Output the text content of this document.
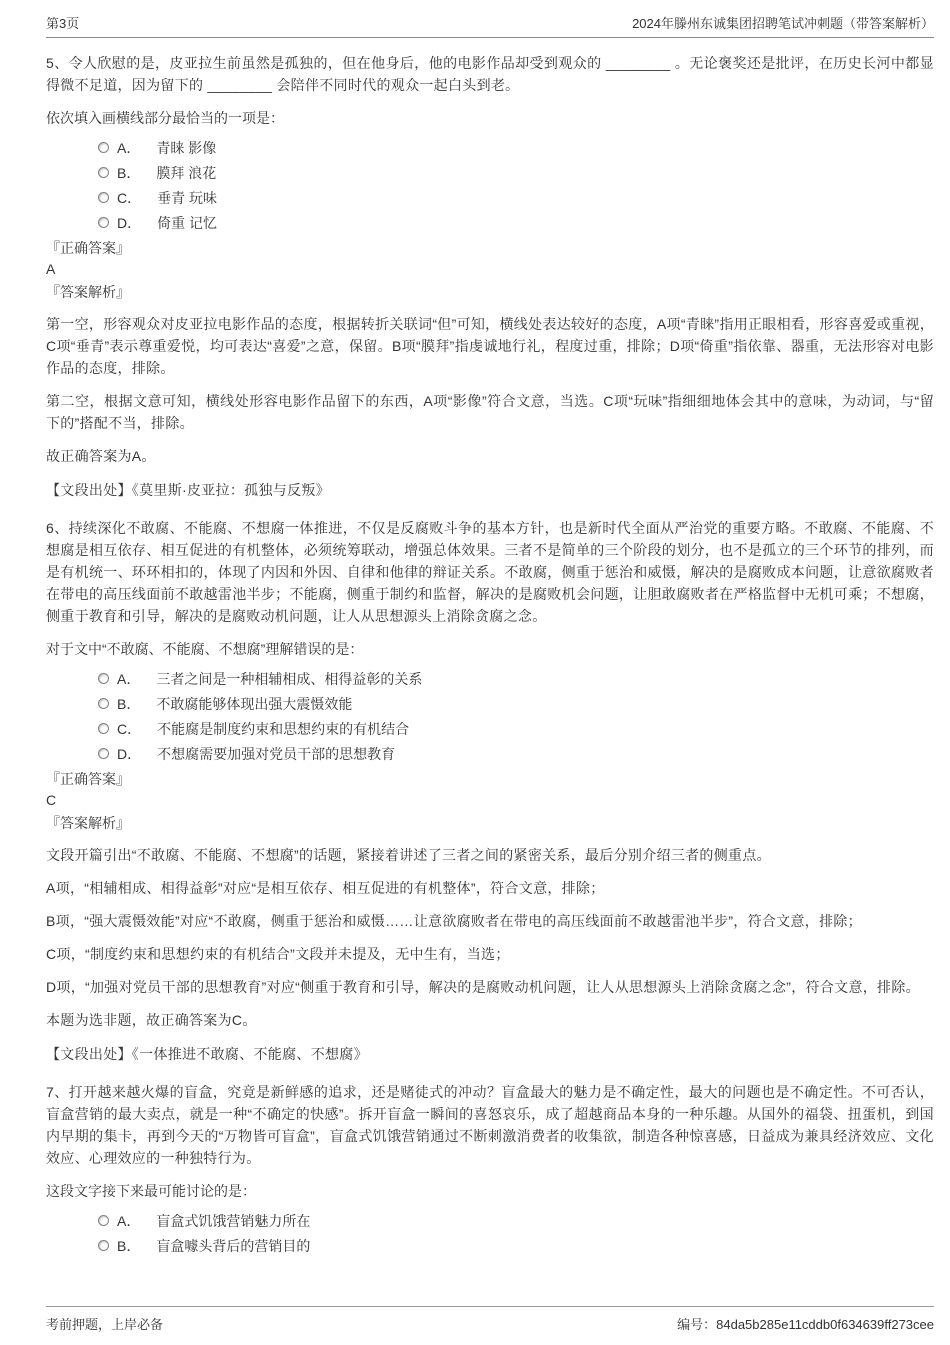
第3页	2024年滕州东诚集团招聘笔试冲刺题（带答案解析）

5、令人欣慰的是，皮亚拉生前虽然是孤独的，但在他身后，他的电影作品却受到观众的 ________ 。无论褒奖还是批评，在历史长河中都显得微不足道，因为留下的 ________ 会陪伴不同时代的观众一起白头到老。

依次填入画横线部分最恰当的一项是：

A． 青睐 影像
B． 膜拜 浪花
C． 垂青 玩味
D． 倚重 记忆

『正确答案』

A

『答案解析』

第一空，形容观众对皮亚拉电影作品的态度，根据转折关联词“但”可知，横线处表达较好的态度，A项“青睐”指用正眼相看，形容喜爱或重视，C项“垂青”表示尊重爱悦，均可表达“喜爱”之意，保留。B项“膜拜”指虔诚地行礼，程度过重，排除；D项“倚重”指依靠、器重，无法形容对电影作品的态度，排除。

第二空，根据文意可知，横线处形容电影作品留下的东西，A项“影像”符合文意，当选。C项“玩味”指细细地体会其中的意味，为动词，与“留下的”搭配不当，排除。

故正确答案为A。

【文段出处】《莫里斯·皮亚拉：孤独与反叛》

6、持续深化不敢腐、不能腐、不想腐一体推进，不仅是反腐败斗争的基本方针，也是新时代全面从严治党的重要方略。不敢腐、不能腐、不想腐是相互依存、相互促进的有机整体，必须统筹联动，增强总体效果。三者不是简单的三个阶段的划分，也不是孤立的三个环节的排列，而是有机统一、环环相扣的，体现了内因和外因、自律和他律的辩证关系。不敢腐，侧重于惩治和威慑，解决的是腐败成本问题，让意欲腐败者在带电的高压线面前不敢越雷池半步；不能腐，侧重于制约和监督，解决的是腐败机会问题，让胆敢腐败者在严格监督中无机可乘；不想腐，侧重于教育和引导，解决的是腐败动机问题，让人从思想源头上消除贪腐之念。

对于文中“不敢腐、不能腐、不想腐”理解错误的是：

A． 三者之间是一种相辅相成、相得益彰的关系
B． 不敢腐能够体现出强大震慑效能
C． 不能腐是制度约束和思想约束的有机结合
D． 不想腐需要加强对党员干部的思想教育

『正确答案』

C

『答案解析』

文段开篇引出“不敢腐、不能腐、不想腐”的话题，紧接着讲述了三者之间的紧密关系，最后分别介绍三者的侧重点。

A项，“相辅相成、相得益彰”对应“是相互依存、相互促进的有机整体”，符合文意，排除；

B项，“强大震慑效能”对应“不敢腐，侧重于惩治和威慑……让意欲腐败者在带电的高压线面前不敢越雷池半步”，符合文意，排除；

C项，“制度约束和思想约束的有机结合”文段并未提及，无中生有，当选；

D项，“加强对党员干部的思想教育”对应“侧重于教育和引导，解决的是腐败动机问题，让人从思想源头上消除贪腐之念”，符合文意，排除。

本题为选非题，故正确答案为C。

【文段出处】《一体推进不敢腐、不能腐、不想腐》

7、打开越来越火爆的盲盒，究竟是新鲜感的追求，还是赌徒式的冲动？盲盒最大的魅力是不确定性，最大的问题也是不确定性。不可否认，盲盒营销的最大卖点，就是一种“不确定的快感”。拆开盲盒一瞬间的喜怒哀乐，成了超越商品本身的一种乐趣。从国外的福袋、扭蛋机，到国内早期的集卡，再到今天的“万物皆可盲盒”，盲盒式饥饿营销通过不断刺激消费者的收集欲，制造各种惊喜感，日益成为兼具经济效应、文化效应、心理效应的一种独特行为。

这段文字接下来最可能讨论的是：

A． 盲盒式饥饿营销魅力所在
B． 盲盒噱头背后的营销目的
考前押题，上岸必备	编号：84da5b285e11cddb0f634639ff273cee
